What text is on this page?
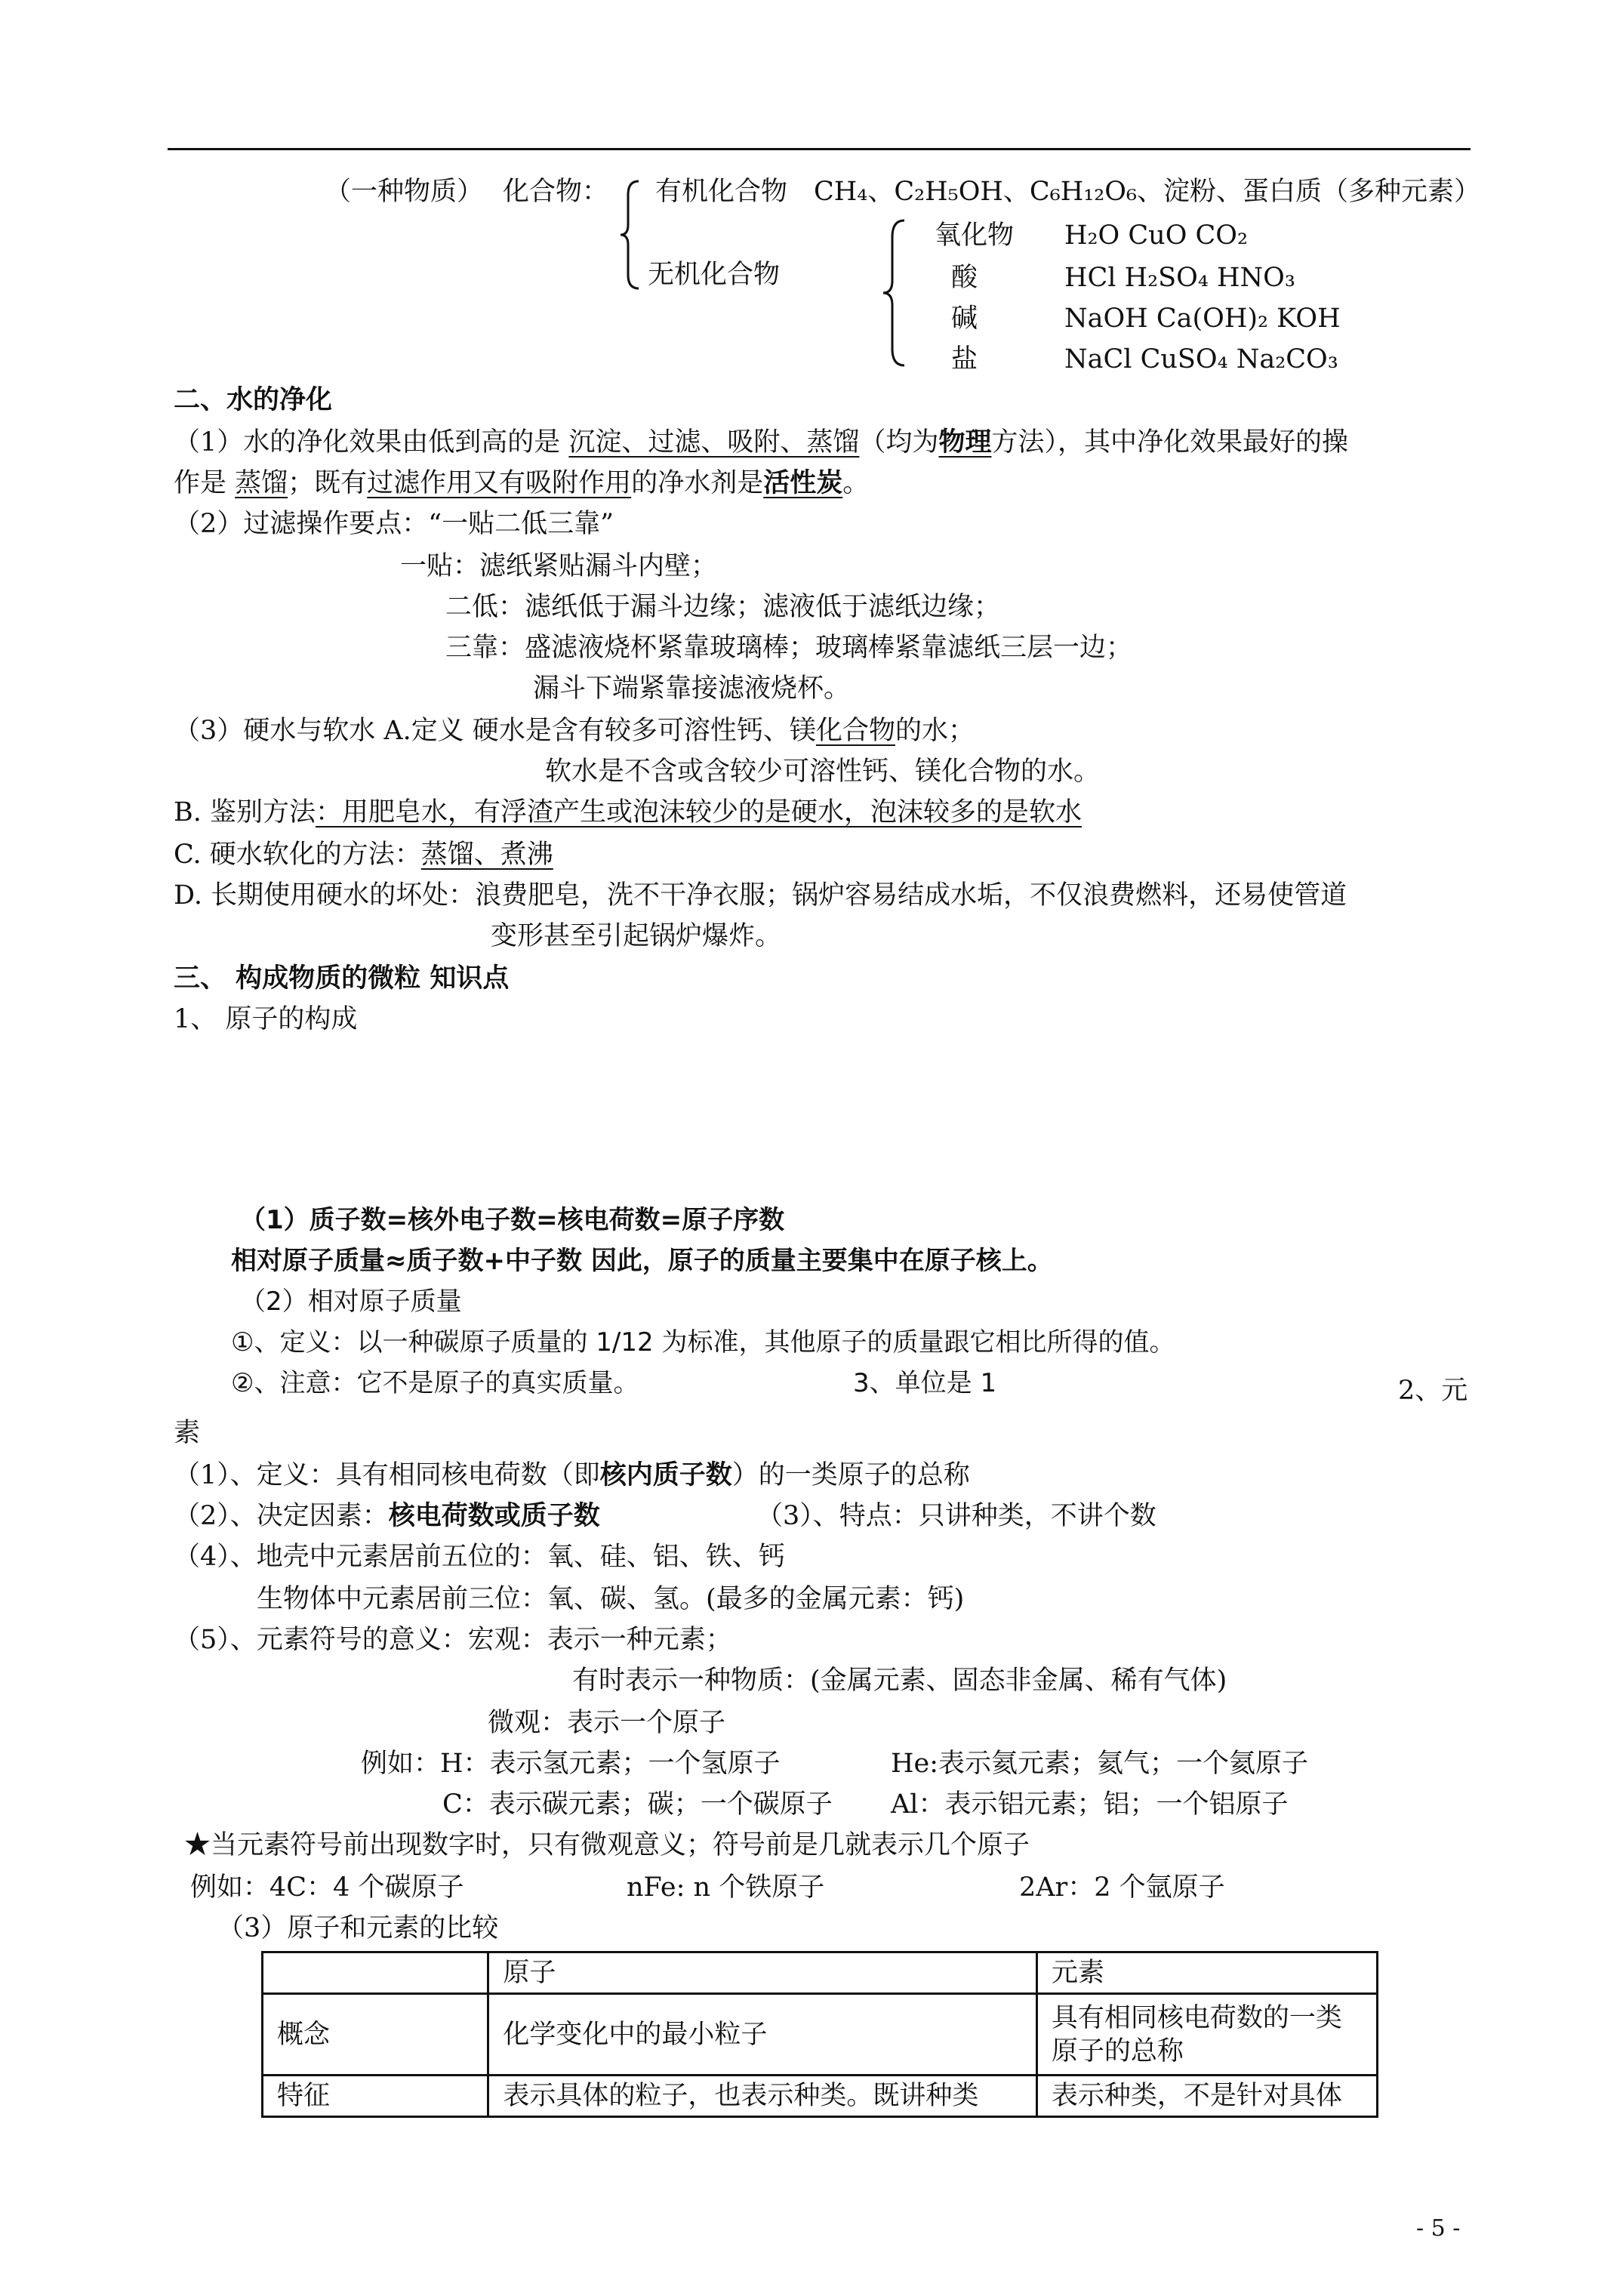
（一种物质） 化合物： 有机化合物 CH₄、C₂H₅OH、C₆H₁₂O₆、淀粉、蛋白质（多种元素）
无机化合物
氧化物 H₂O CuO CO₂
酸	HCl H₂SO₄ HNO₃
碱	NaOH Ca(OH)₂ KOH
盐	NaCl CuSO₄ Na₂CO₃
二、水的净化
（1）水的净化效果由低到高的是 沉淀、过滤、吸附、蒸馏（均为物理方法），其中净化效果最好的操
作是 蒸馏；既有过滤作用又有吸附作用的净水剂是活性炭。
（2）过滤操作要点：“一贴二低三靠”
一贴：滤纸紧贴漏斗内壁；
二低：滤纸低于漏斗边缘；滤液低于滤纸边缘；
三靠：盛滤液烧杯紧靠玻璃棒；玻璃棒紧靠滤纸三层一边；
漏斗下端紧靠接滤液烧杯。
（3）硬水与软水 A.定义 硬水是含有较多可溶性钙、镁化合物的水；
软水是不含或含较少可溶性钙、镁化合物的水。
B. 鉴别方法：用肥皂水，有浮渣产生或泡沫较少的是硬水，泡沫较多的是软水
C. 硬水软化的方法：蒸馏、煮沸
D. 长期使用硬水的坏处：浪费肥皂，洗不干净衣服；锅炉容易结成水垢，不仅浪费燃料，还易使管道
变形甚至引起锅炉爆炸。
三、 构成物质的微粒 知识点
1、 原子的构成
（1）质子数=核外电子数=核电荷数=原子序数
相对原子质量≈质子数+中子数 因此，原子的质量主要集中在原子核上。
（2）相对原子质量
①、定义：以一种碳原子质量的 1/12 为标准，其他原子的质量跟它相比所得的值。
②、注意：它不是原子的真实质量。	3、单位是 1	2、元
素
（1）、定义：具有相同核电荷数（即核内质子数）的一类原子的总称
（2）、决定因素：核电荷数或质子数	（3）、特点：只讲种类，不讲个数
（4）、地壳中元素居前五位的：氧、硅、铝、铁、钙
生物体中元素居前三位：氧、碳、氢。(最多的金属元素：钙)
（5）、元素符号的意义：宏观：表示一种元素；
有时表示一种物质：(金属元素、固态非金属、稀有气体)
微观：表示一个原子
例如：H：表示氢元素；一个氢原子	He:表示氦元素；氦气；一个氦原子
C：表示碳元素；碳；一个碳原子 Al：表示铝元素；铝；一个铝原子
★当元素符号前出现数字时，只有微观意义；符号前是几就表示几个原子
例如：4C：4 个碳原子	nFe: n 个铁原子	2Ar：2 个氩原子
（3）原子和元素的比较
	原子	元素
概念	化学变化中的最小粒子	具有相同核电荷数的一类原子的总称
特征	表示具体的粒子，也表示种类。既讲种类	表示种类，不是针对具体
- 5 -
